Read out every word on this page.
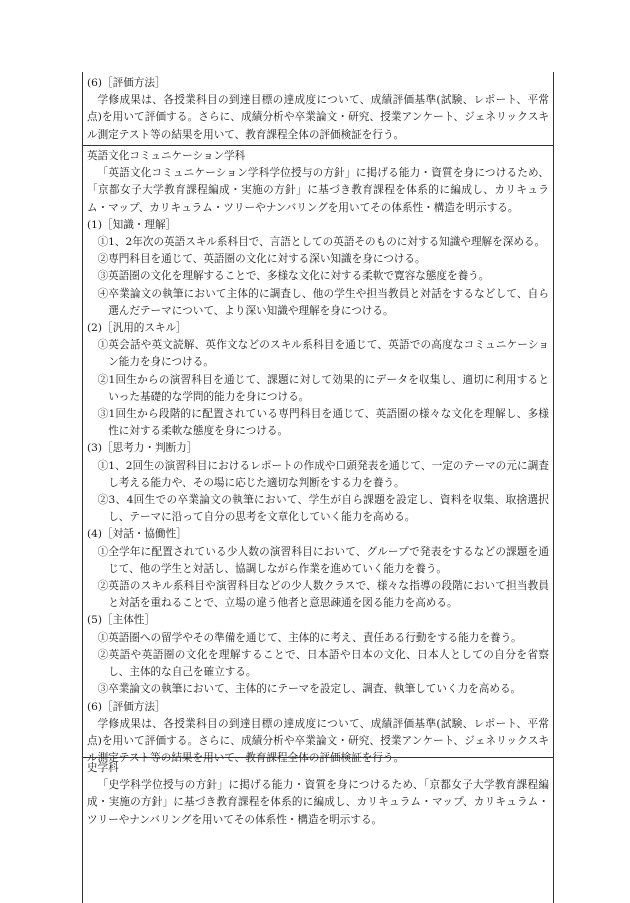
(6)［評価方法］

学修成果は、各授業科目の到達目標の達成度について、成績評価基準(試験、レポート、平常点)を用いて評価する。さらに、成績分析や卒業論文・研究、授業アンケート、ジェネリックスキル測定テスト等の結果を用いて、教育課程全体の評価検証を行う。

英語文化コミュニケーション学科

「英語文化コミュニケーション学科学位授与の方針」に掲げる能力・資質を身につけるため、「京都女子大学教育課程編成・実施の方針」に基づき教育課程を体系的に編成し、カリキュラム・マップ、カリキュラム・ツリーやナンバリングを用いてその体系性・構造を明示する。

(1)［知識・理解］

①1、2年次の英語スキル系科目で、言語としての英語そのものに対する知識や理解を深める。

②専門科目を通じて、英語圏の文化に対する深い知識を身につける。

③英語圏の文化を理解することで、多様な文化に対する柔軟で寛容な態度を養う。

④卒業論文の執筆において主体的に調査し、他の学生や担当教員と対話をするなどして、自ら選んだテーマについて、より深い知識や理解を身につける。

(2)［汎用的スキル］

①英会話や英文読解、英作文などのスキル系科目を通じて、英語での高度なコミュニケーション能力を身につける。

②1回生からの演習科目を通じて、課題に対して効果的にデータを収集し、適切に利用するといった基礎的な学問的能力を身につける。

③1回生から段階的に配置されている専門科目を通じて、英語圏の様々な文化を理解し、多様性に対する柔軟な態度を身につける。

(3)［思考力・判断力］

①1、2回生の演習科目におけるレポートの作成や口頭発表を通じて、一定のテーマの元に調査し考える能力や、その場に応じた適切な判断をする力を養う。

②3、4回生での卒業論文の執筆において、学生が自ら課題を設定し、資料を収集、取捨選択し、テーマに沿って自分の思考を文章化していく能力を高める。

(4)［対話・協働性］

①全学年に配置されている少人数の演習科目において、グループで発表をするなどの課題を通じて、他の学生と対話し、協調しながら作業を進めていく能力を養う。

②英語のスキル系科目や演習科目などの少人数クラスで、様々な指導の段階において担当教員と対話を重ねることで、立場の違う他者と意思疎通を図る能力を高める。

(5)［主体性］

①英語圏への留学やその準備を通じて、主体的に考え、責任ある行動をする能力を養う。

②英語や英語圏の文化を理解することで、日本語や日本の文化、日本人としての自分を省察し、主体的な自己を確立する。

③卒業論文の執筆において、主体的にテーマを設定し、調査、執筆していく力を高める。

(6)［評価方法］

学修成果は、各授業科目の到達目標の達成度について、成績評価基準(試験、レポート、平常点)を用いて評価する。さらに、成績分析や卒業論文・研究、授業アンケート、ジェネリックスキル測定テスト等の結果を用いて、教育課程全体の評価検証を行う。

史学科

「史学科学位授与の方針」に掲げる能力・資質を身につけるため、「京都女子大学教育課程編成・実施の方針」に基づき教育課程を体系的に編成し、カリキュラム・マップ、カリキュラム・ツリーやナンバリングを用いてその体系性・構造を明示する。
